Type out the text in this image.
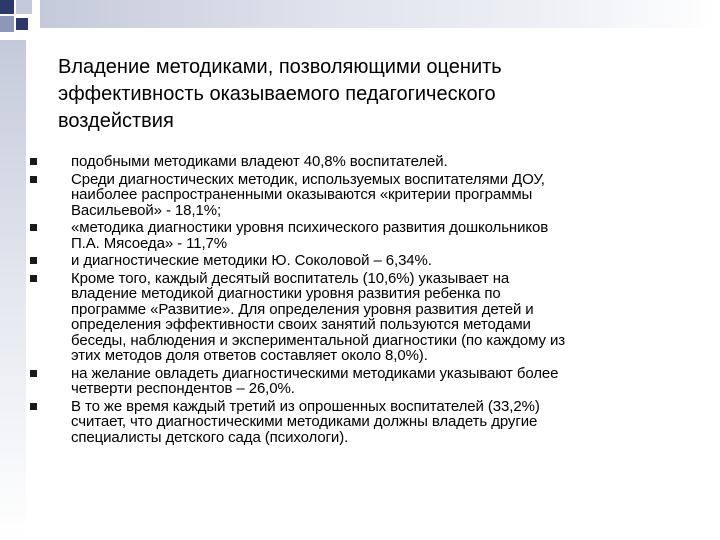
Владение методиками, позволяющими оценить
эффективность оказываемого педагогического
воздействия
подобными методиками владеют 40,8% воспитателей.
Среди диагностических методик, используемых воспитателями ДОУ,
наиболее распространенными оказываются «критерии программы
Васильевой» - 18,1%;
«методика диагностики уровня психического развития дошкольников
П.А. Мясоеда» - 11,7%
и диагностические методики Ю. Соколовой – 6,34%.
Кроме того, каждый десятый воспитатель (10,6%) указывает на
владение методикой диагностики уровня развития ребенка по
программе «Развитие». Для определения уровня развития детей и
определения эффективности своих занятий пользуются методами
беседы, наблюдения и экспериментальной диагностики (по каждому из
этих методов доля ответов составляет около 8,0%).
на желание овладеть диагностическими методиками указывают более
четверти респондентов – 26,0%.
В то же время каждый третий из опрошенных воспитателей (33,2%)
считает, что диагностическими методиками должны владеть другие
специалисты детского сада (психологи).
